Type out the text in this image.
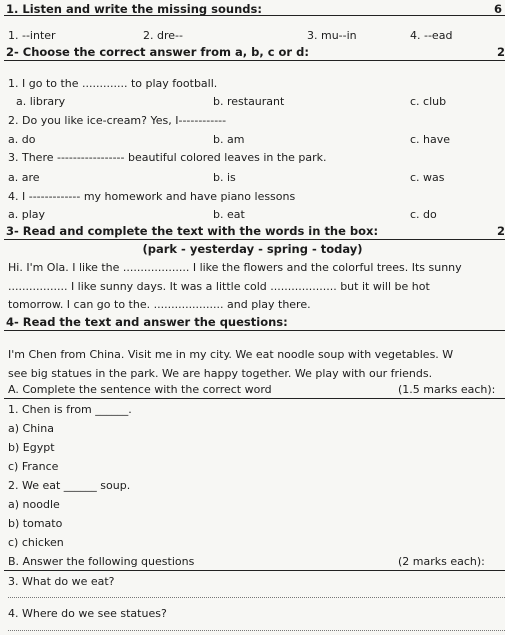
1. Listen and write the missing sounds:	6
1. --inter	2. dre--	3. mu--in	4. --ead
2- Choose the correct answer from a, b, c or d:	2
1. I go to the ............. to play football.
a. library	b. restaurant	c. club
2. Do you like ice-cream? Yes, I------------
a. do	b. am	c. have
3. There ----------------- beautiful colored leaves in the park.
a. are	b. is	c. was
4. I ------------- my homework and have piano lessons
a. play	b. eat	c. do
3- Read and complete the text with the words in the box:	2
(park - yesterday - spring - today)
Hi. I'm Ola. I like the ................... I like the flowers and the colorful trees. Its sunny
................. I like sunny days. It was a little cold ................... but it will be hot
tomorrow. I can go to the. .................... and play there.
4- Read the text and answer the questions:
I'm Chen from China. Visit me in my city. We eat noodle soup with vegetables. W
see big statues in the park. We are happy together. We play with our friends.
A. Complete the sentence with the correct word	(1.5 marks each):
1. Chen is from ______.
a) China
b) Egypt
c) France
2. We eat ______ soup.
a) noodle
b) tomato
c) chicken
B. Answer the following questions	(2 marks each):
3. What do we eat?
4. Where do we see statues?
